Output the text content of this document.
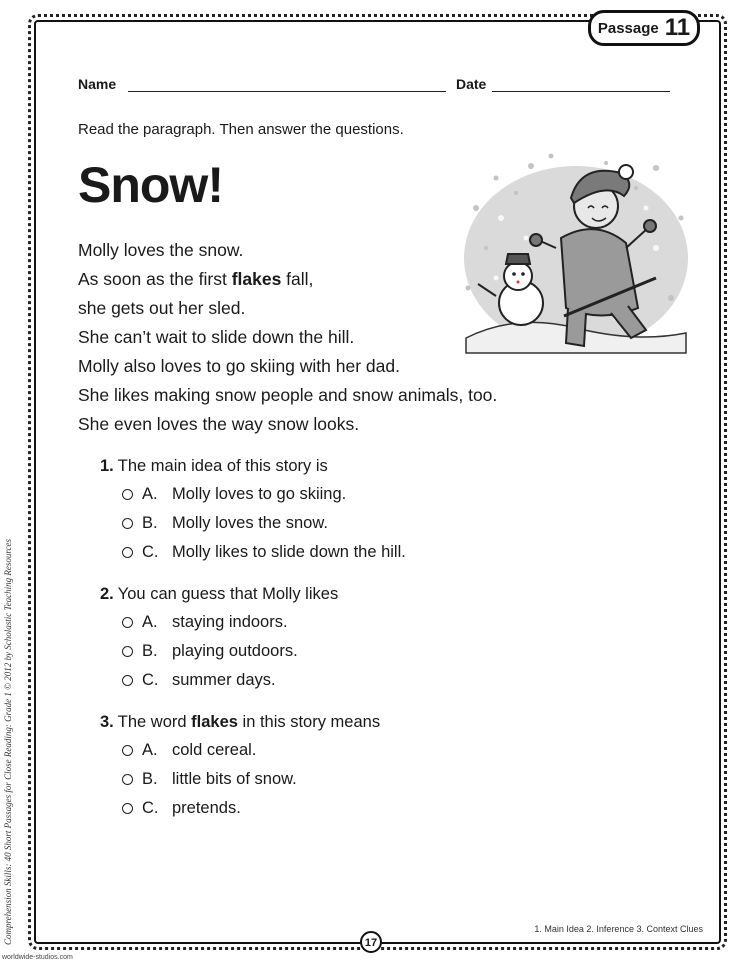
Passage 11
Name	Date
Read the paragraph. Then answer the questions.
Snow!
Molly loves the snow.
As soon as the first flakes fall,
she gets out her sled.
She can’t wait to slide down the hill.
Molly also loves to go skiing with her dad.
She likes making snow people and snow animals, too.
She even loves the way snow looks.
1. The main idea of this story is
A. Molly loves to go skiing.
B. Molly loves the snow.
C. Molly likes to slide down the hill.
2. You can guess that Molly likes
A. staying indoors.
B. playing outdoors.
C. summer days.
3. The word flakes in this story means
A. cold cereal.
B. little bits of snow.
C. pretends.
1. Main Idea 2. Inference 3. Context Clues
17
Comprehension Skills: 40 Short Passages for Close Reading: Grade 1 © 2012 by Scholastic Teaching Resources
worldwide-studios.com
